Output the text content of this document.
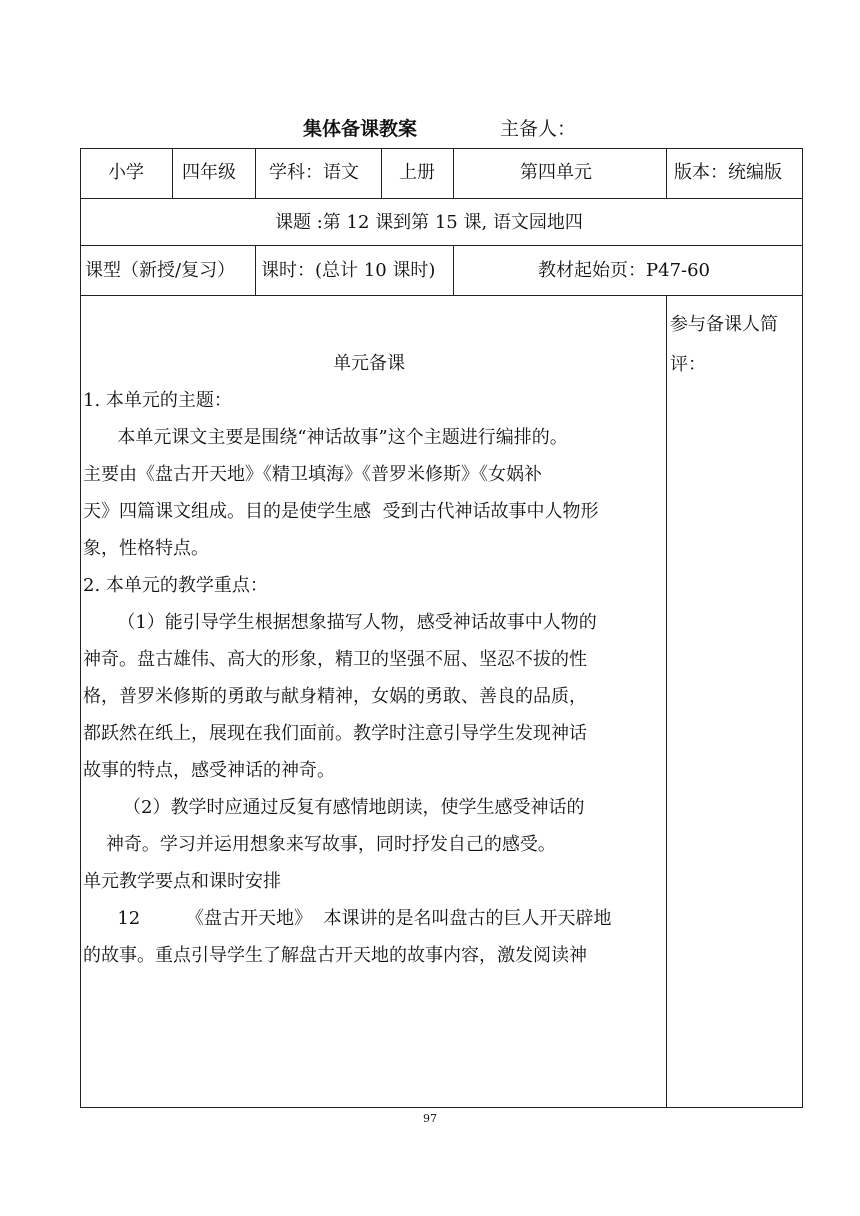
集体备课教案	主备人：
小学 四年级 学科：语文 上册	第四单元	版本：统编版
课题 :第 12 课到第 15 课, 语文园地四
课型（新授/复习） 课时：(总计 10 课时)	教材起始页：P47-60
参与备课人简
评：

单元备课

1. 本单元的主题：

本单元课文主要是围绕“神话故事”这个主题进行编排的。

主要由《盘古开天地》《精卫填海》《普罗米修斯》《女娲补

天》四篇课文组成。目的是使学生感  受到古代神话故事中人物形

象，性格特点。

2. 本单元的教学重点：

（1）能引导学生根据想象描写人物，感受神话故事中人物的

神奇。盘古雄伟、高大的形象，精卫的坚强不屈、坚忍不拔的性

格，普罗米修斯的勇敢与献身精神，女娲的勇敢、善良的品质，

都跃然在纸上，展现在我们面前。教学时注意引导学生发现神话

故事的特点，感受神话的神奇。

（2）教学时应通过反复有感情地朗读，使学生感受神话的

神奇。学习并运用想象来写故事，同时抒发自己的感受。

单元教学要点和课时安排

12        《盘古开天地》  本课讲的是名叫盘古的巨人开天辟地

的故事。重点引导学生了解盘古开天地的故事内容，激发阅读神

97
